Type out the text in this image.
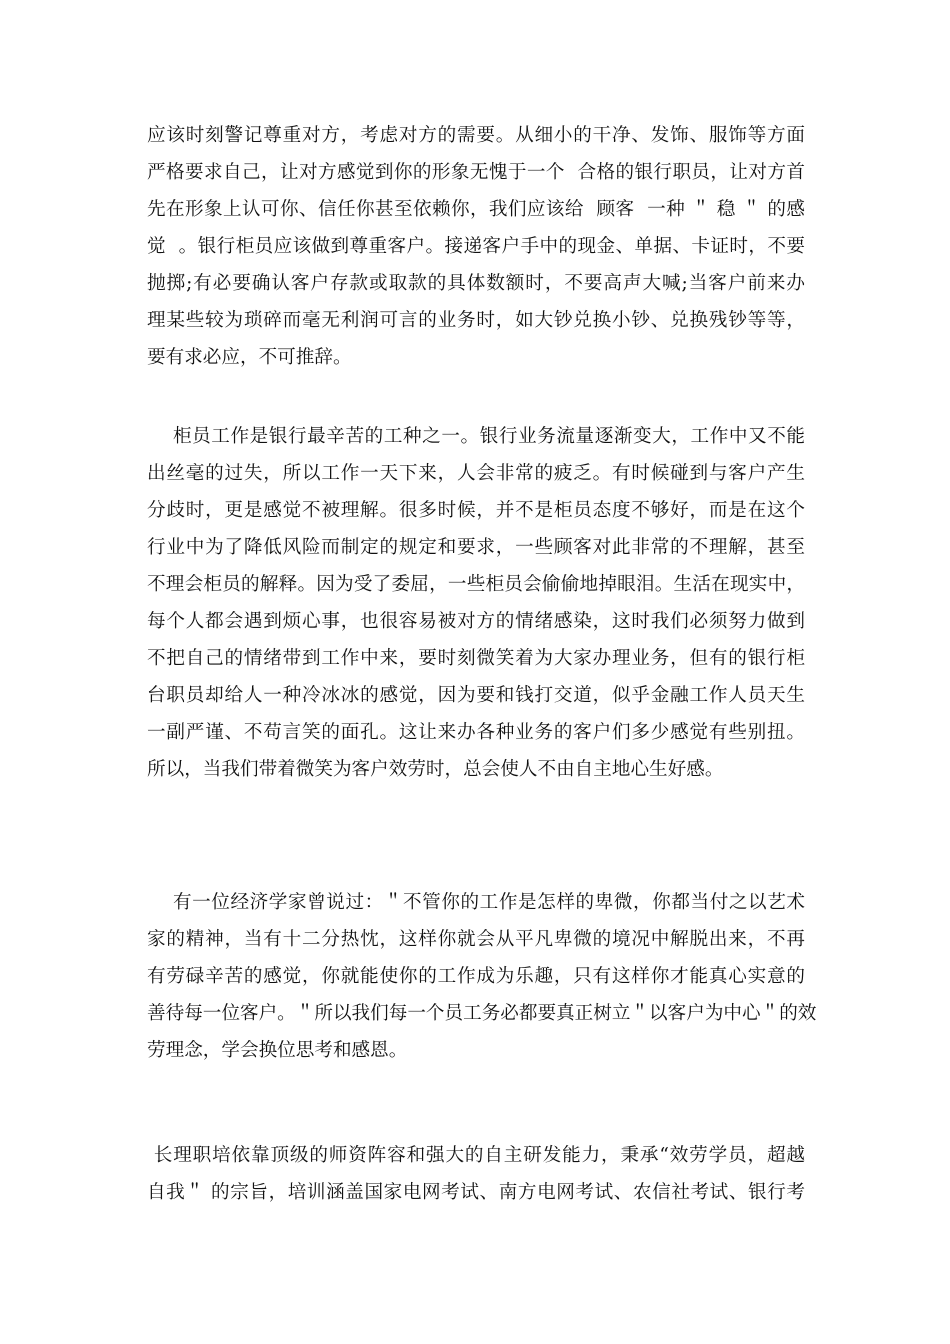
应该时刻警记尊重对方，考虑对方的需要。从细小的干净、发饰、服饰等方面
严格要求自己，让对方感觉到你的形象无愧于一个  合格的银行职员，让对方首
先在形象上认可你、信任你甚至依赖你，我们应该给  顾客  一种 ＂ 稳 ＂ 的感
觉  。银行柜员应该做到尊重客户。接递客户手中的现金、单据、卡证时，不要
抛掷;有必要确认客户存款或取款的具体数额时，不要高声大喊;当客户前来办
理某些较为琐碎而毫无利润可言的业务时，如大钞兑换小钞、兑换残钞等等，
要有求必应，不可推辞。
柜员工作是银行最辛苦的工种之一。银行业务流量逐渐变大，工作中又不能
出丝毫的过失，所以工作一天下来，人会非常的疲乏。有时候碰到与客户产生
分歧时，更是感觉不被理解。很多时候，并不是柜员态度不够好，而是在这个
行业中为了降低风险而制定的规定和要求，一些顾客对此非常的不理解，甚至
不理会柜员的解释。因为受了委屈，一些柜员会偷偷地掉眼泪。生活在现实中，
每个人都会遇到烦心事，也很容易被对方的情绪感染，这时我们必须努力做到
不把自己的情绪带到工作中来，要时刻微笑着为大家办理业务，但有的银行柜
台职员却给人一种冷冰冰的感觉，因为要和钱打交道，似乎金融工作人员天生
一副严谨、不苟言笑的面孔。这让来办各种业务的客户们多少感觉有些别扭。
所以，当我们带着微笑为客户效劳时，总会使人不由自主地心生好感。
有一位经济学家曾说过：＂不管你的工作是怎样的卑微，你都当付之以艺术
家的精神，当有十二分热忱，这样你就会从平凡卑微的境况中解脱出来，不再
有劳碌辛苦的感觉，你就能使你的工作成为乐趣，只有这样你才能真心实意的
善待每一位客户。＂所以我们每一个员工务必都要真正树立＂以客户为中心＂的效
劳理念，学会换位思考和感恩。
长理职培依靠顶级的师资阵容和强大的自主研发能力，秉承“效劳学员，超越
自我＂ 的宗旨，培训涵盖国家电网考试、南方电网考试、农信社考试、银行考
